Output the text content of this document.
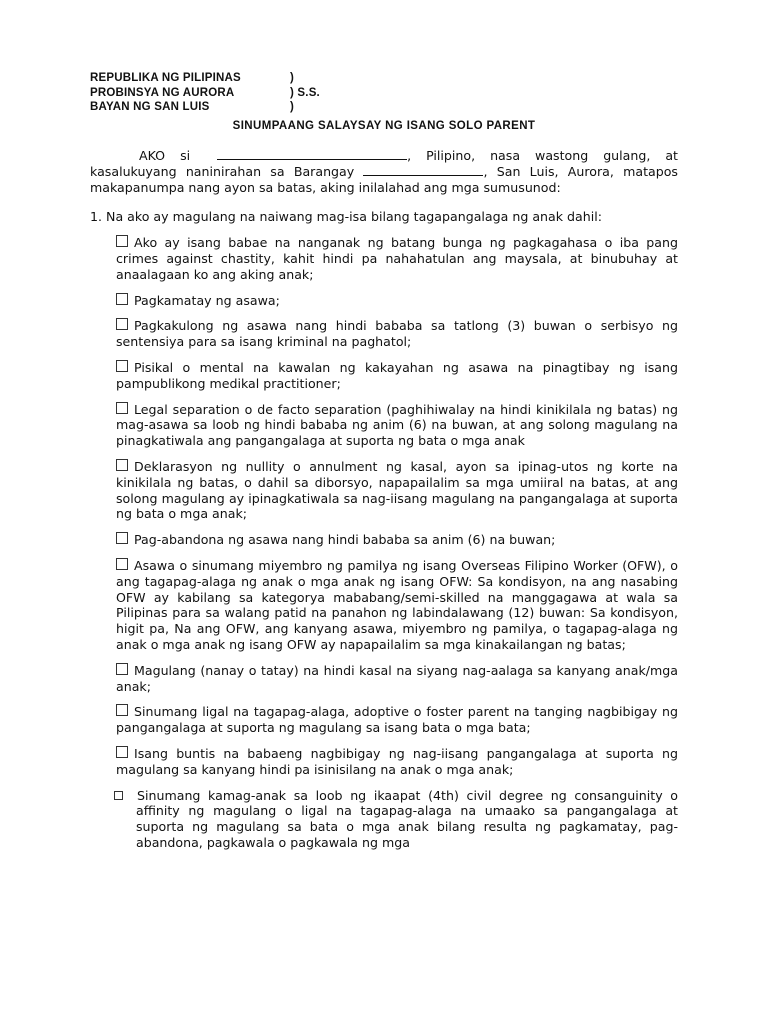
REPUBLIKA NG PILIPINAS	)
PROBINSYA NG AURORA	) S.S.
BAYAN NG SAN LUIS	)
SINUMPAANG SALAYSAY NG ISANG SOLO PARENT

AKO si	, Pilipino, nasa wastong gulang, at kasalukuyang naninirahan sa Barangay	, San Luis, Aurora, matapos makapanumpa nang ayon sa batas, aking inilalahad ang mga sumusunod:

1. Na ako ay magulang na naiwang mag-isa bilang tagapangalaga ng anak dahil:

Ako ay isang babae na nanganak ng batang bunga ng pagkagahasa o iba pang crimes against chastity, kahit hindi pa nahahatulan ang maysala, at binubuhay at anaalagaan ko ang aking anak;

Pagkamatay ng asawa;

Pagkakulong ng asawa nang hindi bababa sa tatlong (3) buwan o serbisyo ng sentensiya para sa isang kriminal na paghatol;

Pisikal o mental na kawalan ng kakayahan ng asawa na pinagtibay ng isang pampublikong medikal practitioner;

Legal separation o de facto separation (paghihiwalay na hindi kinikilala ng batas) ng mag-asawa sa loob ng hindi bababa ng anim (6) na buwan, at ang solong magulang na pinagkatiwala ang pangangalaga at suporta ng bata o mga anak

Deklarasyon ng nullity o annulment ng kasal, ayon sa ipinag-utos ng korte na kinikilala ng batas, o dahil sa diborsyo, napapailalim sa mga umiiral na batas, at ang solong magulang ay ipinagkatiwala sa nag-iisang magulang na pangangalaga at suporta ng bata o mga anak;

Pag-abandona ng asawa nang hindi bababa sa anim (6) na buwan;

Asawa o sinumang miyembro ng pamilya ng isang Overseas Filipino Worker (OFW), o ang tagapag-alaga ng anak o mga anak ng isang OFW: Sa kondisyon, na ang nasabing OFW ay kabilang sa kategorya mababang/semi-skilled na manggagawa at wala sa Pilipinas para sa walang patid na panahon ng labindalawang (12) buwan: Sa kondisyon, higit pa, Na ang OFW, ang kanyang asawa, miyembro ng pamilya, o tagapag-alaga ng anak o mga anak ng isang OFW ay napapailalim sa mga kinakailangan ng batas;

Magulang (nanay o tatay) na hindi kasal na siyang nag-aalaga sa kanyang anak/mga anak;

Sinumang ligal na tagapag-alaga, adoptive o foster parent na tanging nagbibigay ng pangangalaga at suporta ng magulang sa isang bata o mga bata;

Isang buntis na babaeng nagbibigay ng nag-iisang pangangalaga at suporta ng magulang sa kanyang hindi pa isinisilang na anak o mga anak;

Sinumang kamag-anak sa loob ng ikaapat (4th) civil degree ng consanguinity o affinity ng magulang o ligal na tagapag-alaga na umaako sa pangangalaga at suporta ng magulang sa bata o mga anak bilang resulta ng pagkamatay, pag-abandona, pagkawala o pagkawala ng mga
